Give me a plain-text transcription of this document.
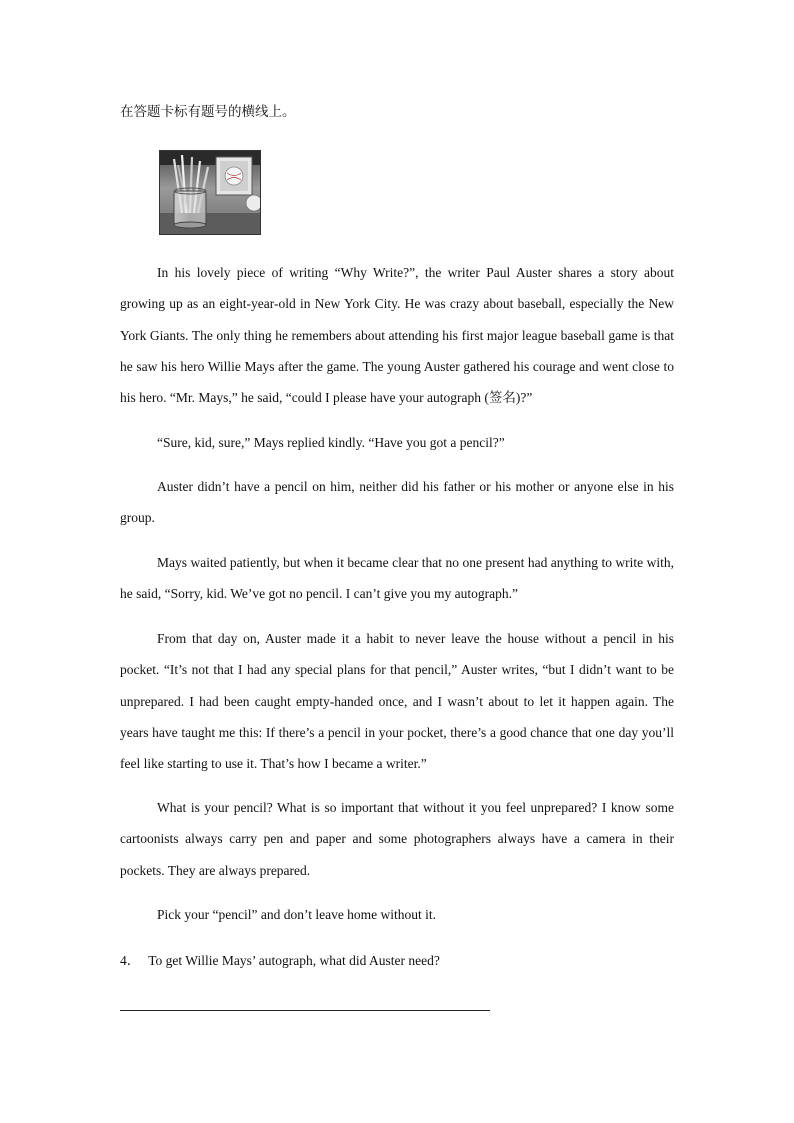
在答题卡标有题号的横线上。

In his lovely piece of writing “Why Write?”, the writer Paul Auster shares a story about growing up as an eight-year-old in New York City. He was crazy about baseball, especially the New York Giants. The only thing he remembers about attending his first major league baseball game is that he saw his hero Willie Mays after the game. The young Auster gathered his courage and went close to his hero. “Mr. Mays,” he said, “could I please have your autograph (签名)?”

“Sure, kid, sure,” Mays replied kindly. “Have you got a pencil?”

Auster didn’t have a pencil on him, neither did his father or his mother or anyone else in his group.

Mays waited patiently, but when it became clear that no one present had anything to write with, he said, “Sorry, kid. We’ve got no pencil. I can’t give you my autograph.”

From that day on, Auster made it a habit to never leave the house without a pencil in his pocket. “It’s not that I had any special plans for that pencil,” Auster writes, “but I didn’t want to be unprepared. I had been caught empty-handed once, and I wasn’t about to let it happen again. The years have taught me this: If there’s a pencil in your pocket, there’s a good chance that one day you’ll feel like starting to use it. That’s how I became a writer.”

What is your pencil? What is so important that without it you feel unprepared? I know some cartoonists always carry pen and paper and some photographers always have a camera in their pockets. They are always prepared.

Pick your “pencil” and don’t leave home without it.

4． To get Willie Mays’ autograph, what did Auster need?
